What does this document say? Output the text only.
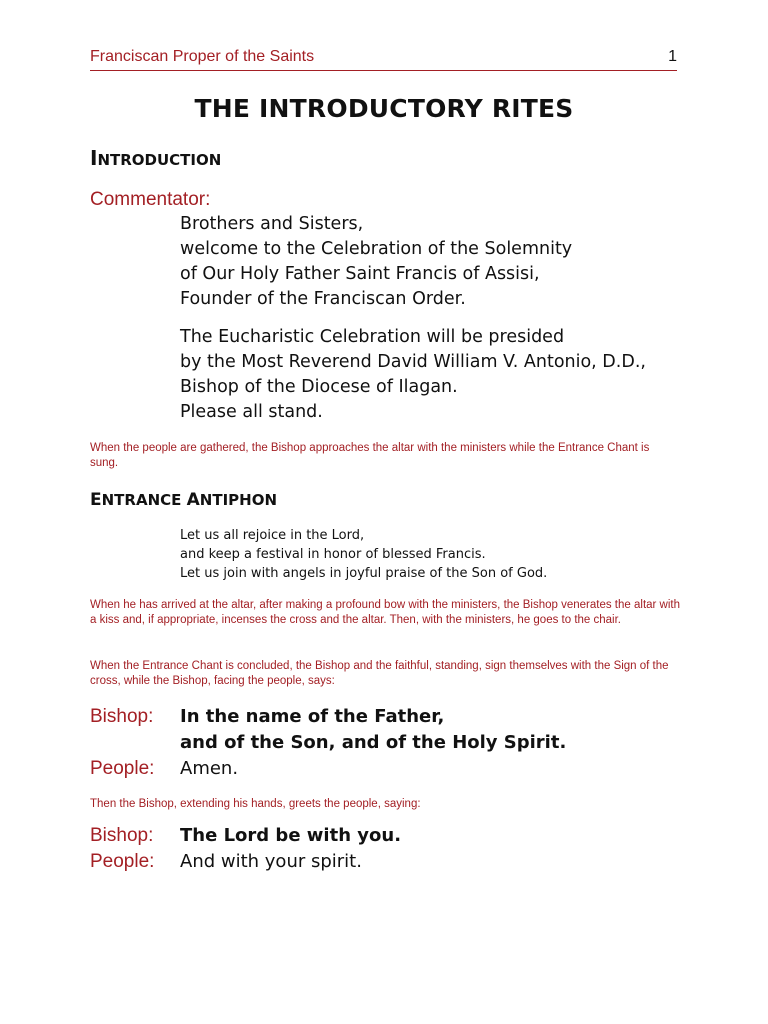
Franciscan Proper of the Saints	1
THE INTRODUCTORY RITES
INTRODUCTION
Commentator:
Brothers and Sisters,
welcome to the Celebration of the Solemnity
of Our Holy Father Saint Francis of Assisi,
Founder of the Franciscan Order.
The Eucharistic Celebration will be presided
by the Most Reverend David William V. Antonio, D.D.,
Bishop of the Diocese of Ilagan.
Please all stand.

When the people are gathered, the Bishop approaches the altar with the ministers while the Entrance Chant is sung.

ENTRANCE ANTIPHON
Let us all rejoice in the Lord,
and keep a festival in honor of blessed Francis.
Let us join with angels in joyful praise of the Son of God.

When he has arrived at the altar, after making a profound bow with the ministers, the Bishop venerates the altar with a kiss and, if appropriate, incenses the cross and the altar. Then, with the ministers, he goes to the chair.

When the Entrance Chant is concluded, the Bishop and the faithful, standing, sign themselves with the Sign of the cross, while the Bishop, facing the people, says:

Bishop: In the name of the Father,
and of the Son, and of the Holy Spirit.
People: Amen.

Then the Bishop, extending his hands, greets the people, saying:

Bishop: The Lord be with you.
People: And with your spirit.
